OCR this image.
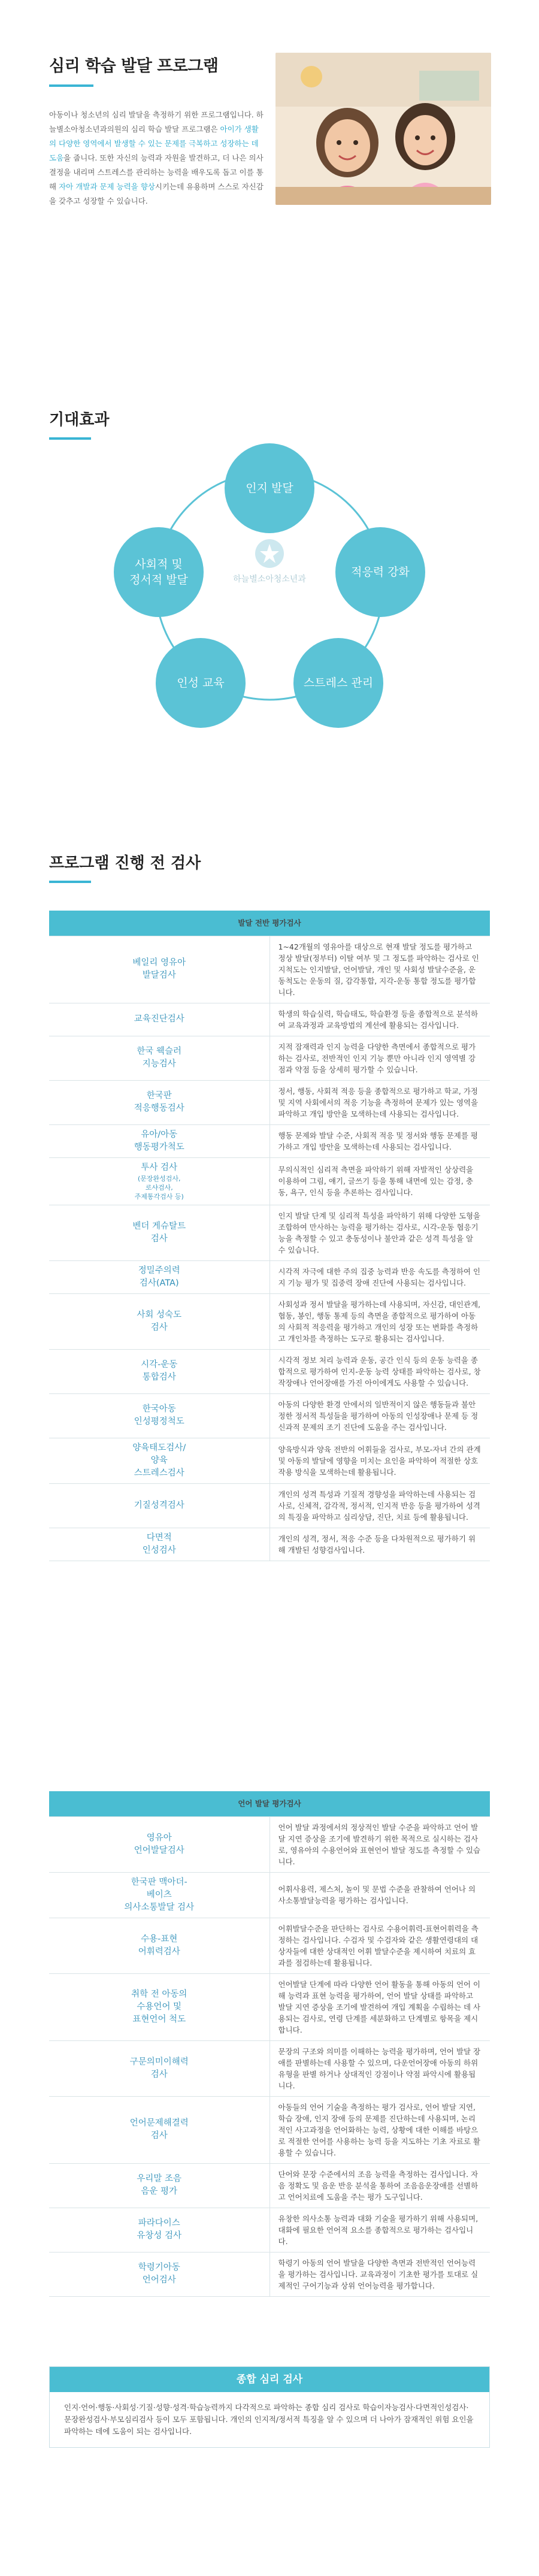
심리 학습 발달 프로그램

아동이나 청소년의 심리 발달을 측정하기 위한 프로그램입니다. 하늘별소아청소년과의원의 심리 학습 발달 프로그램은 아이가 생활의 다양한 영역에서 발생할 수 있는 문제를 극복하고 성장하는 데 도움을 줍니다. 또한 자신의 능력과 자원을 발견하고, 더 나은 의사 결정을 내리며 스트레스를 관리하는 능력을 배우도록 돕고 이를 통해 자아 개발과 문제 능력을 향상시키는데 유용하며 스스로 자신감을 갖추고 성장할 수 있습니다.

기대효과
인지 발달
적응력 강화
스트레스 관리
인성 교육
사회적 및
정서적 발달	하늘별소아청소년과
프로그램 진행 전 검사
발달 전반 평가검사	
베일리 영유아
발달검사	1~42개월의 영유아를 대상으로 현재 발달 정도를 평가하고 정상 발달(정부터) 이탈 여부 및 그 정도를 파악하는 검사로 인지척도는 인지발달, 언어발달, 개인 및 사회성 발달수준을, 운동척도는 운동의 질, 감각통합, 지각-운동 통합 정도를 평가합니다.
교육진단검사	학생의 학습실력, 학습태도, 학습환경 등을 종합적으로 분석하여 교육과정과 교육방법의 계선에 활용되는 검사입니다.
한국 웩슬러
지능검사	지적 잠재력과 인지 능력을 다양한 측면에서 종합적으로 평가하는 검사로, 전반적인 인지 기능 뿐만 아니라 인지 영역별 강점과 약점 등을 상세히 평가할 수 있습니다.
한국판
적응행동검사	정서, 행동, 사회적 적응 등을 종합적으로 평가하고 학교, 가정 및 지역 사회에서의 적응 기능을 측정하여 문제가 있는 영역을 파악하고 개입 방안을 모색하는데 사용되는 검사입니다.
유아/아동
행동평가척도	행동 문제와 발달 수준, 사회적 적응 및 정서와 행동 문제를 평가하고 개입 방안을 모색하는데 사용되는 검사입니다.
투사 검사
(문장완성검사,
로샤검사,
주제통각검사 등)	무의식적인 심리적 측면을 파악하기 위해 자발적인 상상력을 이용하여 그림, 얘기, 글쓰기 등을 통해 내면에 있는 감정, 충동, 욕구, 인식 등을 추론하는 검사입니다.
벤더 게슈탈트
검사	인지 발달 단계 및 심리적 특성을 파악하기 위해 다양한 도형을 조합하여 만사하는 능력을 평가하는 검사로, 시각-운동 협응기능을 측정할 수 있고 충동성이나 불안과 같은 성격 특성을 알 수 있습니다.
정밀주의력
검사(ATA)	시각적 자극에 대한 주의 집중 능력과 반응 속도를 측정하여 인지 기능 평가 및 집중력 장애 진단에 사용되는 검사입니다.
사회 성숙도
검사	사회성과 정서 발달을 평가하는데 사용되며, 자신감, 대인관계, 협동, 봉인, 행동 통제 등의 측면을 종합적으로 평가하여 아동의 사회적 적응력을 평가하고 개인의 성장 또는 변화를 측정하고 개인차를 측정하는 도구로 활용되는 검사입니다.
시각-운동
통합검사	시각적 정보 처리 능력과 운동, 공간 인식 등의 운동 능력을 종합적으로 평가하여 인지-운동 능력 상태를 파악하는 검사로, 창작장애나 언어장애를 가진 아이에게도 사용할 수 있습니다.
한국아동
인성평정척도	아동의 다양한 환경 안에서의 일반적이지 않은 행동들과 불안정한 정서적 특성들을 평가하여 아동의 인성장애나 문제 등 정신과적 문제의 조기 진단에 도움을 주는 검사입니다.
양육태도검사/
양육
스트레스검사	양육방식과 양육 전반의 어휘들을 검사로, 부모-자녀 간의 관계 및 아동의 발달에 영향을 미치는 요인을 파악하여 적절한 상호작용 방식을 모색하는데 활용됩니다.
기질성격검사	개인의 성격 특성과 기질적 경향성을 파악하는데 사용되는 검사로, 신체적, 감각적, 정서적, 인지적 반응 등을 평가하여 성격의 특징을 파악하고 심리상담, 진단, 치료 등에 활용됩니다.
다면적
인성검사	개인의 성격, 정서, 적응 수준 등을 다차원적으로 평가하기 위해 개발된 성향검사입니다.
언어 발달 평가검사	
영유아
언어발달검사	언어 발달 과정에서의 정상적인 발달 수준을 파악하고 언어 발달 지연 증상을 조기에 발견하기 위한 목적으로 실시하는 검사로, 영유아의 수용언어와 표현언어 발달 정도를 측정할 수 있습니다.
한국판 맥아더-
베이츠
의사소통발달 검사	어휘사용력, 제스처, 놀이 및 문법 수준을 관찰하여 언어나 의사소통발달능력을 평가하는 검사입니다.
수용-표현
어휘력검사	어휘발달수준을 판단하는 검사로 수용어휘력-표현어휘력을 측정하는 검사입니다. 수검자 및 수검자와 같은 생활연령대의 대상자들에 대한 상대적인 어휘 발달수준을 제시하여 치료의 효과를 점검하는데 활용됩니다.
취학 전 아동의
수용언어 및
표현언어 척도	언어발달 단계에 따라 다양한 언어 활동을 통해 아동의 언어 이해 능력과 표현 능력을 평가하여, 언어 발달 상태를 파악하고 발달 지연 증상을 조기에 발견하여 개입 계획을 수립하는 데 사용되는 검사로, 연령 단계를 세분화하고 단계별로 항목을 제시합니다.
구문의미이해력
검사	문장의 구조와 의미를 이해하는 능력을 평가하며, 언어 발달 장애를 판별하는데 사용할 수 있으며, 다운언어장애 아동의 하위유형을 판별 하거나 상대적인 강점이나 약점 파악시에 활용됩니다.
언어문제해결력
검사	아동들의 언어 기술을 측정하는 평가 검사로, 언어 발달 지연, 학습 장애, 인지 장애 등의 문제를 진단하는데 사용되며, 논리적인 사고과정을 언어화하는 능력, 상황에 대한 이해를 바탕으로 적절한 언어를 사용하는 능력 등을 지도하는 기초 자료로 활용할 수 있습니다.
우리말 조음
음운 평가	단어와 문장 수준에서의 조음 능력을 측정하는 검사입니다. 자음 정확도 및 음운 반응 분석을 통하여 조음음운장애를 선별하고 언어치료에 도움을 주는 평가 도구입니다.
파라다이스
유창성 검사	유창한 의사소통 능력과 대화 기술을 평가하기 위해 사용되며, 대화에 필요한 언어적 요소를 종합적으로 평가하는 검사입니다.
학령기아동
언어검사	학령기 아동의 언어 발달을 다양한 측면과 전반적인 언어능력을 평가하는 검사입니다. 교육과정이 기초한 평가를 토대로 실제적인 구어기능과 상위 언어능력을 평가합니다.
종합 심리 검사
인지·언어·행동·사회성·기질·성향·성격·학습능력까지 다각적으로 파악하는 종합 심리 검사로 학습이자능검사·다면적인성검사·문장완성검사·부모심리검사 등이 모두 포함됩니다. 개인의 인지적/정서적 특징을 알 수 있으며 더 나아가 잠재적인 위험 요인을 파악하는 데에 도움이 되는 검사입니다.
